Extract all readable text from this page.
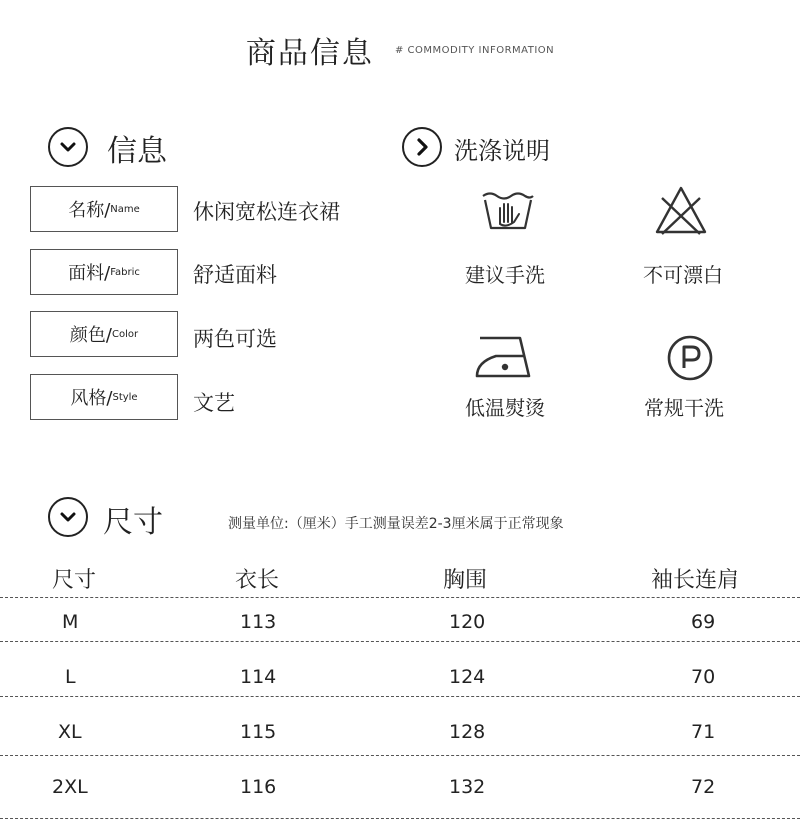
商品信息 # COMMODITY INFORMATION
信息	洗涤说明
名称/ Name	休闲宽松连衣裙
面料/ Fabric	舒适面料
颜色/ Color	两色可选
风格/ Style	文艺
建议手洗	不可漂白
低温熨烫	常规干洗
尺寸	测量单位:（厘米）手工测量误差2-3厘米属于正常现象
尺寸	衣长	胸围	袖长连肩
M	113	120	69
L	114	124	70
XL	115	128	71
2XL	116	132	72
